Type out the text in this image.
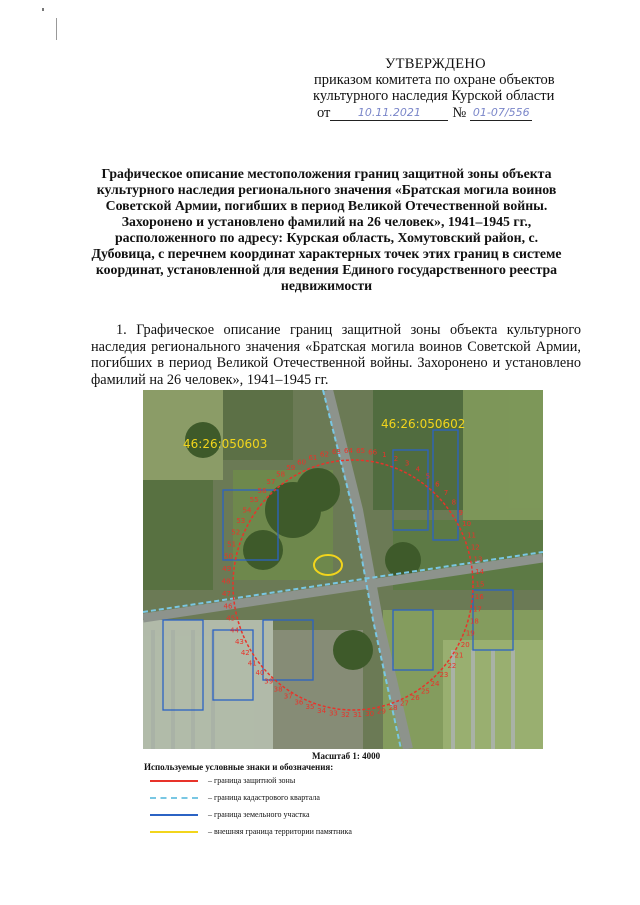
УТВЕРЖДЕНО
приказом комитета по охране объектов
культурного наследия Курской области
от	10.11.2021	№ 01-07/556
Графическое описание местоположения границ защитной зоны объекта культурного наследия регионального значения «Братская могила воинов Советской Армии, погибших в период Великой Отечественной войны. Захоронено и установлено фамилий на 26 человек», 1941–1945 гг., расположенного по адресу: Курская область, Хомутовский район, с. Дубовица, с перечнем координат характерных точек этих границ в системе координат, установленной для ведения Единого государственного реестра недвижимости
1. Графическое описание границ защитной зоны объекта культурного наследия регионального значения «Братская могила воинов Советской Армии, погибших в период Великой Отечественной войны. Захоронено и установлено фамилий на 26 человек», 1941–1945 гг.
1 2
3
4
5
6
7
8
9
10
11
12
13
14
15
16
17
18
19
20
21
22
23
24
25
26
27
28
29
30
31
32
33
34
35
36
37
38
39
40
41
42
43
44
45
46
47
48
49
50
51
52
53
54
55
56
57
58
59
60
61 62 63 64 65 66
46:26:050603
46:26:050602
Масштаб 1: 4000
Используемые условные знаки и обозначения:
– граница защитной зоны
– граница кадастрового квартала
– граница земельного участка
– внешняя граница территории памятника
